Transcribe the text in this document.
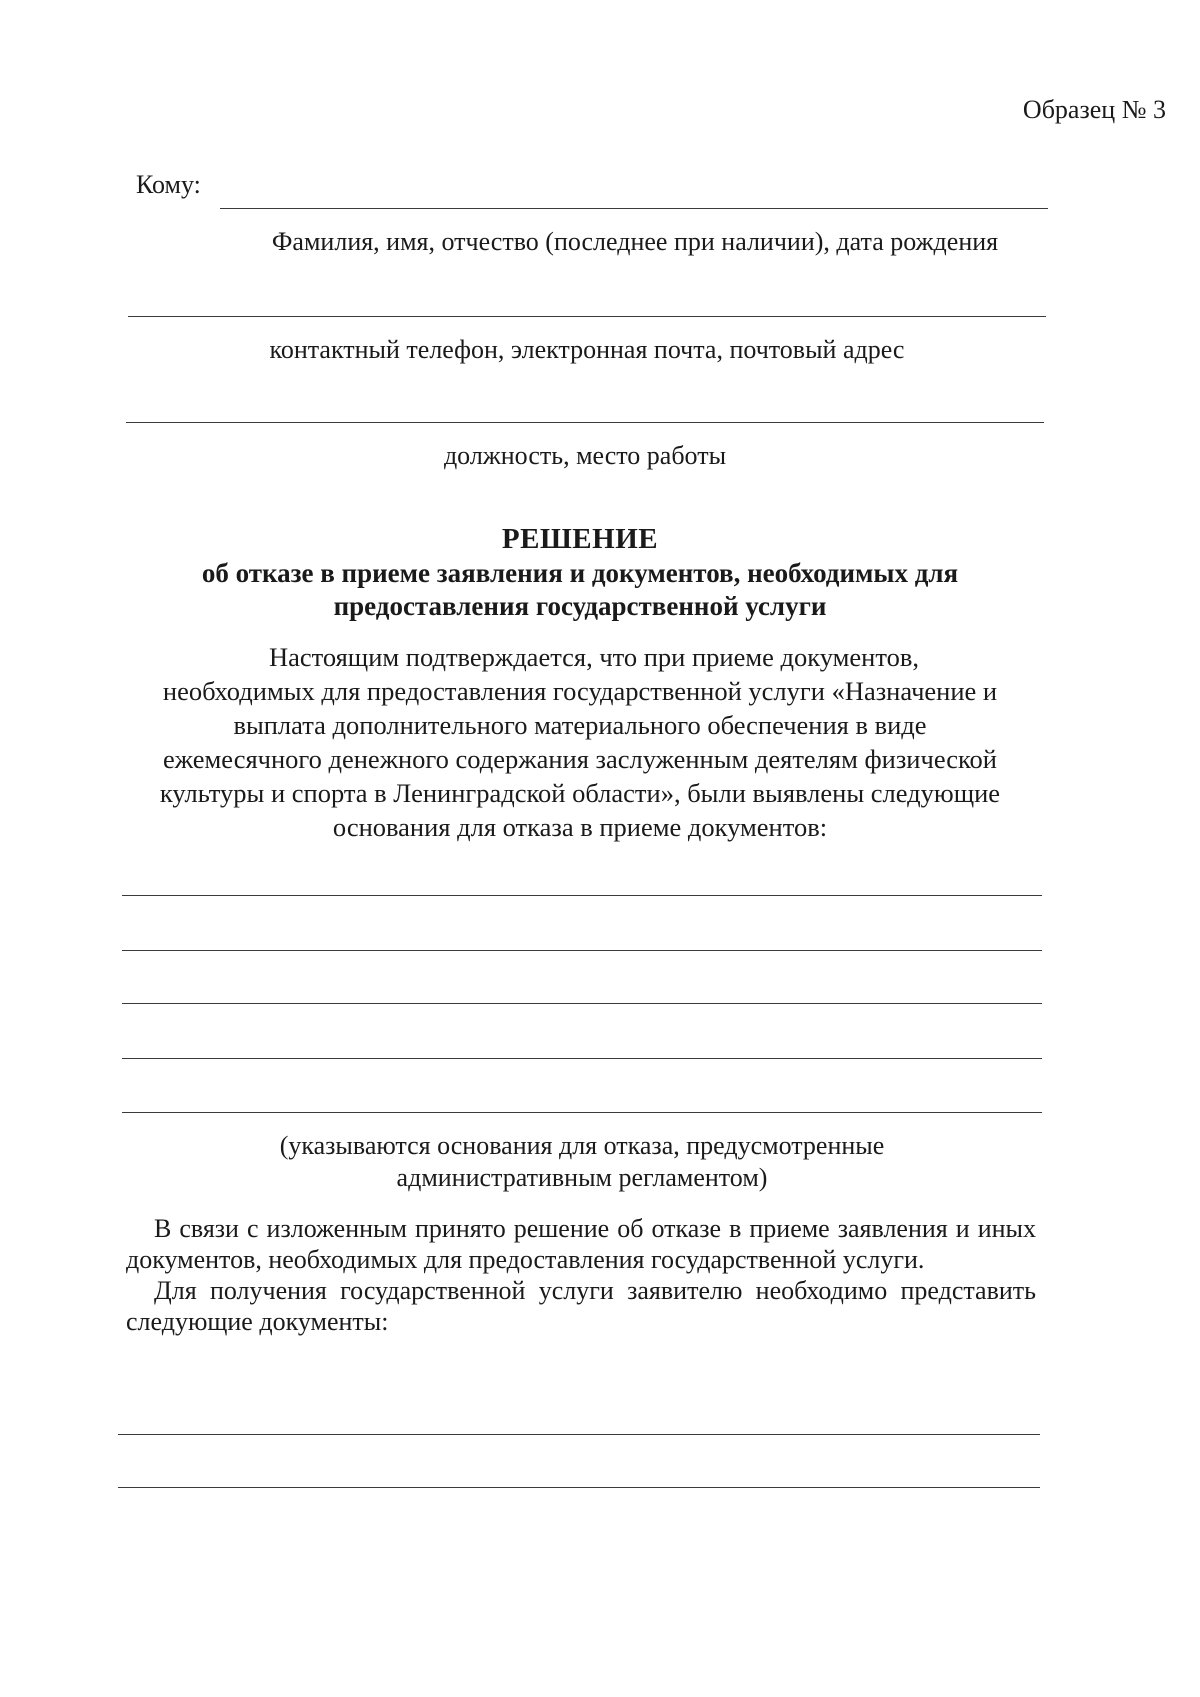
Образец № 3
Кому:
Фамилия, имя, отчество (последнее при наличии), дата рождения
контактный телефон, электронная почта, почтовый адрес
должность, место работы
РЕШЕНИЕ
об отказе в приеме заявления и документов, необходимых для
предоставления государственной услуги
Настоящим подтверждается, что при приеме документов,
необходимых для предоставления государственной услуги «Назначение и
выплата дополнительного материального обеспечения в виде
ежемесячного денежного содержания заслуженным деятелям физической
культуры и спорта в Ленинградской области», были выявлены следующие
основания для отказа в приеме документов:
(указываются основания для отказа, предусмотренные
административным регламентом)

В связи с изложенным принято решение об отказе в приеме заявления и иных документов, необходимых для предоставления государственной услуги.

Для получения государственной услуги заявителю необходимо представить следующие документы:
